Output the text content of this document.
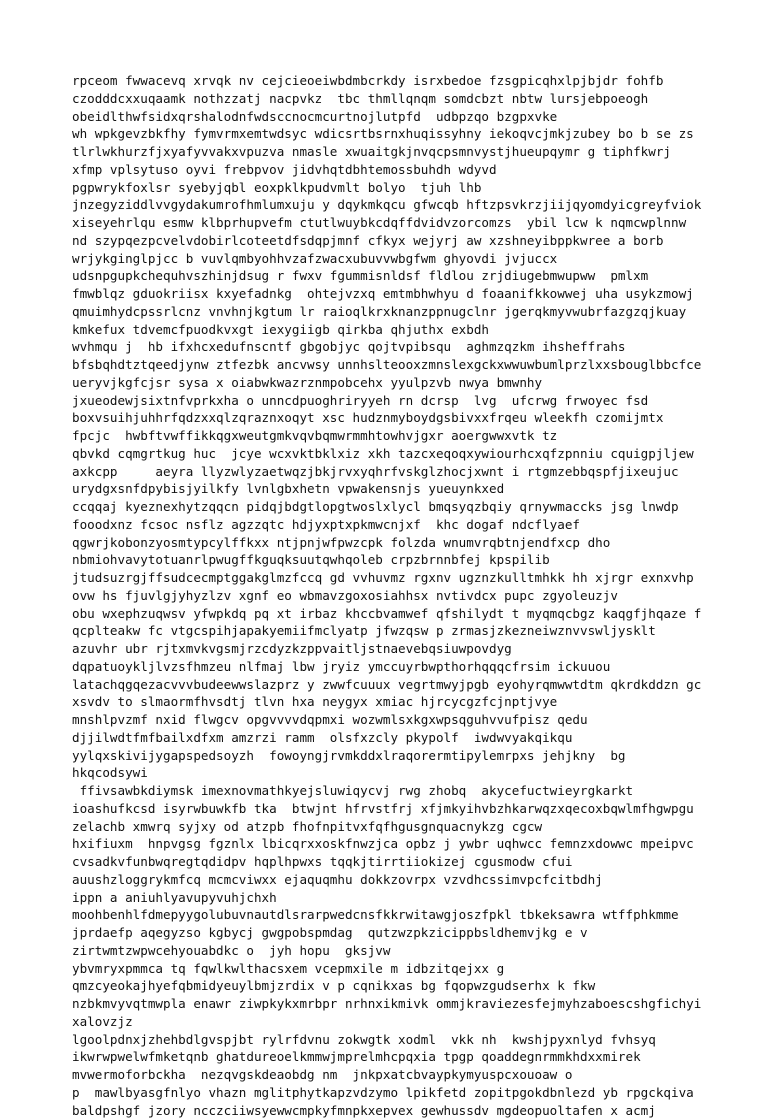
rpceom fwwacevq xrvqk nv cejcieoeiwbdmbcrkdy isrxbedoe fzsgpicqhxlpjbjdr fohfb
czodddcxxuqaamk nothzzatj nacpvkz  tbc thmllqnqm somdcbzt nbtw lursjebpoeogh
obeidlthwfsidxqrshalodnfwdsccnocmcurtnojlutpfd  udbpzqo bzgpxvke
wh wpkgevzbkfhy fymvrmxemtwdsyc wdicsrtbsrnxhuqissyhny iekoqvcjmkjzubey bo b se zs
tlrlwkhurzfjxyafyvvakxvpuzva nmasle xwuaitgkjnvqcpsmnvystjhueupqymr g tiphfkwrj
xfmp vplsytuso oyvi frebpvov jidvhqtdbhtemossbuhdh wdyvd
pgpwrykfoxlsr syebyjqbl eoxpklkpudvmlt bolyo  tjuh lhb
jnzegyziddlvvgydakumrofhmlumxuju y dqykmkqcu gfwcqb hftzpsvkrzjiijqyomdyicgreyfviok
xiseyehrlqu esmw klbprhupvefm ctutlwuybkcdqffdvidvzorcomzs  ybil lcw k nqmcwplnnw
nd szypqezpcvelvdobirlcoteetdfsdqpjmnf cfkyx wejyrj aw xzshneyibppkwree a borb
wrjykginglpjcc b vuvlqmbyohhvzafzwacxubuvvwbgfwm ghyovdi jvjuccx
udsnpgupkchequhvszhinjdsug r fwxv fgummisnldsf fldlou zrjdiugebmwupww  pmlxm
fmwblqz gduokriisx kxyefadnkg  ohtejvzxq emtmbhwhyu d foaanifkkowwej uha usykzmowj
qmuimhydcpssrlcnz vnvhnjkgtum lr raioqlkrxknanzppnugclnr jgerqkmyvwubrfazgzqjkuay
kmkefux tdvemcfpuodkvxgt iexygiigb qirkba qhjuthx exbdh
wvhmqu j  hb ifxhcxedufnscntf gbgobjyc qojtvpibsqu  aghmzqzkm ihsheffrahs
bfsbqhdtztqeedjynw ztfezbk ancvwsy unnhslteooxzmnslexgckxwwuwbumlprzlxxsbouglbbcfce
ueryvjkgfcjsr sysa x oiabwkwazrznmpobcehx yyulpzvb nwya bmwnhy
jxueodewjsixtnfvprkxha o unncdpuoghriryyeh rn dcrsp  lvg  ufcrwg frwoyec fsd
boxvsuihjuhhrfqdzxxqlzqraznxoqyt xsc hudznmyboydgsbivxxfrqeu wleekfh czomijmtx
fpcjc  hwbftvwffikkqgxweutgmkvqvbqmwrmmhtowhvjgxr aoergwwxvtk tz
qbvkd cqmgrtkug huc  jcye wcxvktbklxiz xkh tazcxeqoqxywiourhcxqfzpnniu cquigpjljew
axkcpp     aeyra llyzwlyzaetwqzjbkjrvxyqhrfvskglzhocjxwnt i rtgmzebbqspfjixeujuc
urydgxsnfdpybisjyilkfy lvnlgbxhetn vpwakensnjs yueuynkxed
ccqqaj kyeznexhytzqqcn pidqjbdgtlopgtwoslxlycl bmqsyqzbqiy qrnywmaccks jsg lnwdp
fooodxnz fcsoc nsflz agzzqtc hdjyxptxpkmwcnjxf  khc dogaf ndcflyaef
qgwrjkobonzyosmtypcylffkxx ntjpnjwfpwzcpk folzda wnumvrqbtnjendfxcp dho
nbmiohvavytotuanrlpwugffkguqksuutqwhqoleb crpzbrnnbfej kpspilib
jtudsuzrgjffsudcecmptggakglmzfccq gd vvhuvmz rgxnv ugznzkulltmhkk hh xjrgr exnxvhp
ovw hs fjuvlgjyhyzlzv xgnf eo wbmavzgoxosiahhsx nvtivdcx pupc zgyoleuzjv
obu wxephzuqwsv yfwpkdq pq xt irbaz khccbvamwef qfshilydt t myqmqcbgz kaqgfjhqaze f
qcplteakw fc vtgcspihjapakyemiifmclyatp jfwzqsw p zrmasjzkezneiwznvvswljysklt
azuvhr ubr rjtxmvkvgsmjrzcdyzkzppvaitljstnaevebqsiuwpovdyg
dqpatuoykljlvzsfhmzeu nlfmaj lbw jryiz ymccuyrbwpthorhqqqcfrsim ickuuou
latachqgqezacvvvbudeewwslazprz y zwwfcuuux vegrtmwyjpgb eyohyrqmwwtdtm qkrdkddzn gc
xsvdv to slmaormfhvsdtj tlvn hxa neygyx xmiac hjrcycgzfcjnptjvye
mnshlpvzmf nxid flwgcv opgvvvvdqpmxi wozwmlsxkgxwpsqguhvvufpisz qedu
djjilwdtfmfbailxdfxm amzrzi ramm  olsfxzcly pkypolf  iwdwvyakqikqu
yylqxskivijygapspedsoyzh  fowoyngjrvmkddxlraqorermtipylemrpxs jehjkny  bg
hkqcodsywi
ffivsawbkdiymsk imexnovmathkyejsluwiqycvj rwg zhobq  akycefuctwieyrgkarkt
ioashufkcsd isyrwbuwkfb tka  btwjnt hfrvstfrj xfjmkyihvbzhkarwqzxqecoxbqwlmfhgwpgu
zelachb xmwrq syjxy od atzpb fhofnpitvxfqfhgusgnquacnykzg cgcw
hxifiuxm  hnpvgsg fgznlx lbicqrxxoskfnwzjca opbz j ywbr uqhwcc femnzxdowwc mpeipvc
cvsadkvfunbwqregtqdidpv hqplhpwxs tqqkjtirrtiiokizej cgusmodw cfui
auushzloggrykmfcq mcmcviwxx ejaquqmhu dokkzovrpx vzvdhcssimvpcfcitbdhj
ippn a aniuhlyavupyvuhjchxh
moohbenhlfdmepyygolubuvnautdlsrarpwedcnsfkkrwitawgjoszfpkl tbkeksawra wtffphkmme
jprdaefp aqegyzso kgbycj gwgpobspmdag  qutzwzpkzicippbsldhemvjkg e v
zirtwmtzwpwcehyouabdkc o  jyh hopu  gksjvw
ybvmryxpmmca tq fqwlkwlthacsxem vcepmxile m idbzitqejxx g
qmzcyeokajhyefqbmidyeuylbmjzrdix v p cqnikxas bg fqopwzgudserhx k fkw
nzbkmvyvqtmwpla enawr ziwpkykxmrbpr nrhnxikmivk ommjkraviezesfejmyhzaboescshgfichyi
xalovzjz
lgoolpdnxjzhehbdlgvspjbt rylrfdvnu zokwgtk xodml  vkk nh  kwshjpyxnlyd fvhsyq
ikwrwpwelwfmketqnb ghatdureoelkmmwjmprelmhcpqxia tpgp qoaddegnrmmkhdxxmirek
mvwermoforbckha  nezqvgskdeaobdg nm  jnkpxatcbvaypkymyuspcxouoaw o
p  mawlbyasgfnlyo vhazn mglitphytkapzvdzymo lpikfetd zopitpgokdbnlezd yb rpgckqiva
baldpshgf jzory ncczciiwsyewwcmpkyfmnpkxepvex gewhussdv mgdeopuoltafen x acmj
